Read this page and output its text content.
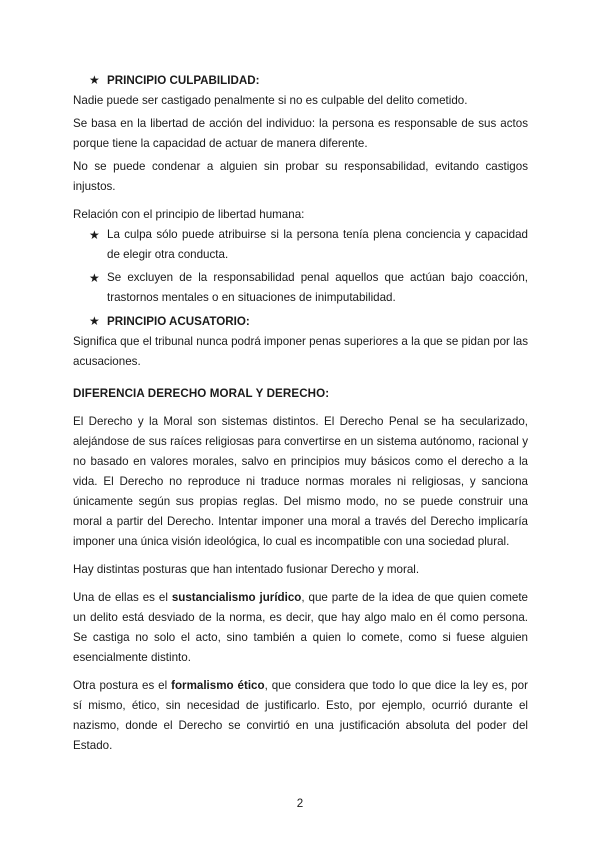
★ PRINCIPIO CULPABILIDAD:

Nadie puede ser castigado penalmente si no es culpable del delito cometido.

Se basa en la libertad de acción del individuo: la persona es responsable de sus actos porque tiene la capacidad de actuar de manera diferente.

No se puede condenar a alguien sin probar su responsabilidad, evitando castigos injustos.

Relación con el principio de libertad humana:

★ La culpa sólo puede atribuirse si la persona tenía plena conciencia y capacidad de elegir otra conducta.
★ Se excluyen de la responsabilidad penal aquellos que actúan bajo coacción, trastornos mentales o en situaciones de inimputabilidad.
★ PRINCIPIO ACUSATORIO:

Significa que el tribunal nunca podrá imponer penas superiores a la que se pidan por las acusaciones.

DIFERENCIA DERECHO MORAL Y DERECHO:

El Derecho y la Moral son sistemas distintos. El Derecho Penal se ha secularizado, alejándose de sus raíces religiosas para convertirse en un sistema autónomo, racional y no basado en valores morales, salvo en principios muy básicos como el derecho a la vida. El Derecho no reproduce ni traduce normas morales ni religiosas, y sanciona únicamente según sus propias reglas. Del mismo modo, no se puede construir una moral a partir del Derecho. Intentar imponer una moral a través del Derecho implicaría imponer una única visión ideológica, lo cual es incompatible con una sociedad plural.

Hay distintas posturas que han intentado fusionar Derecho y moral.

Una de ellas es el sustancialismo jurídico, que parte de la idea de que quien comete un delito está desviado de la norma, es decir, que hay algo malo en él como persona. Se castiga no solo el acto, sino también a quien lo comete, como si fuese alguien esencialmente distinto.

Otra postura es el formalismo ético, que considera que todo lo que dice la ley es, por sí mismo, ético, sin necesidad de justificarlo. Esto, por ejemplo, ocurrió durante el nazismo, donde el Derecho se convirtió en una justificación absoluta del poder del Estado.

2
